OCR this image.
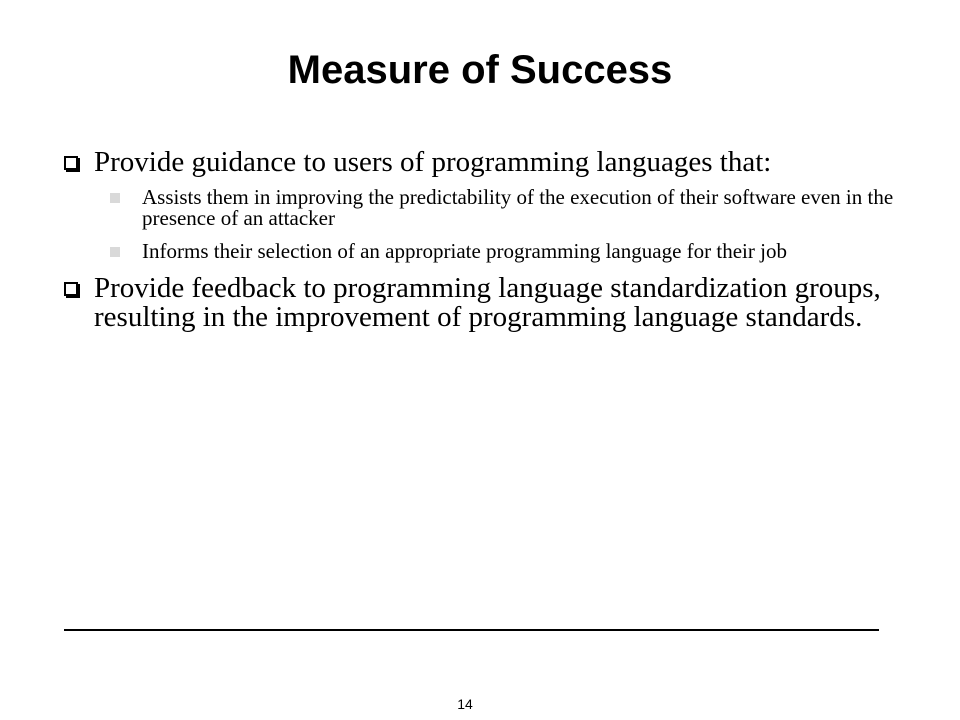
Measure of Success
Provide guidance to users of programming languages that:
Assists them in improving the predictability of the execution of their software even in the presence of an attacker
Informs their selection of an appropriate programming language for their job
Provide feedback to programming language standardization groups, resulting in the improvement of programming language standards.
14
